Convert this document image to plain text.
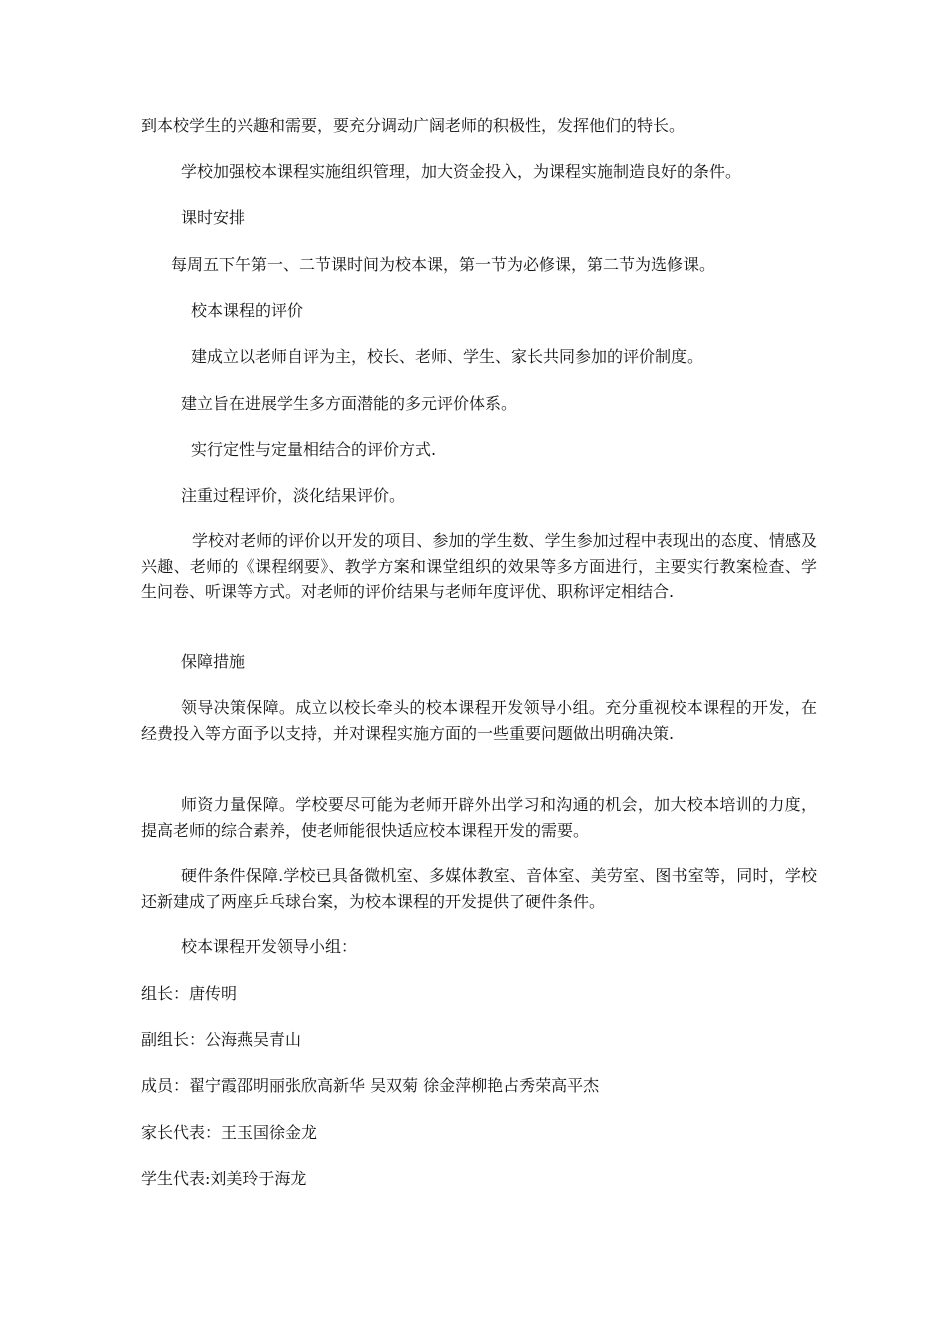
到本校学生的兴趣和需要，要充分调动广阔老师的积极性，发挥他们的特长。
学校加强校本课程实施组织管理，加大资金投入，为课程实施制造良好的条件。
课时安排
每周五下午第一、二节课时间为校本课，第一节为必修课，第二节为选修课。
校本课程的评价
建成立以老师自评为主，校长、老师、学生、家长共同参加的评价制度。
建立旨在进展学生多方面潜能的多元评价体系。
实行定性与定量相结合的评价方式.
注重过程评价，淡化结果评价。
学校对老师的评价以开发的项目、参加的学生数、学生参加过程中表现出的态度、情感及兴趣、老师的《课程纲要》、教学方案和课堂组织的效果等多方面进行，主要实行教案检查、学生问卷、听课等方式。对老师的评价结果与老师年度评优、职称评定相结合.
保障措施
领导决策保障。成立以校长牵头的校本课程开发领导小组。充分重视校本课程的开发，在经费投入等方面予以支持，并对课程实施方面的一些重要问题做出明确决策.
师资力量保障。学校要尽可能为老师开辟外出学习和沟通的机会，加大校本培训的力度，提高老师的综合素养，使老师能很快适应校本课程开发的需要。
硬件条件保障.学校已具备微机室、多媒体教室、音体室、美劳室、图书室等，同时，学校还新建成了两座乒乓球台案，为校本课程的开发提供了硬件条件。
校本课程开发领导小组：
组长：唐传明
副组长：公海燕吴青山
成员：翟宁霞邵明丽张欣高新华 吴双菊 徐金萍柳艳占秀荣高平杰
家长代表：王玉国徐金龙
学生代表:刘美玲于海龙
